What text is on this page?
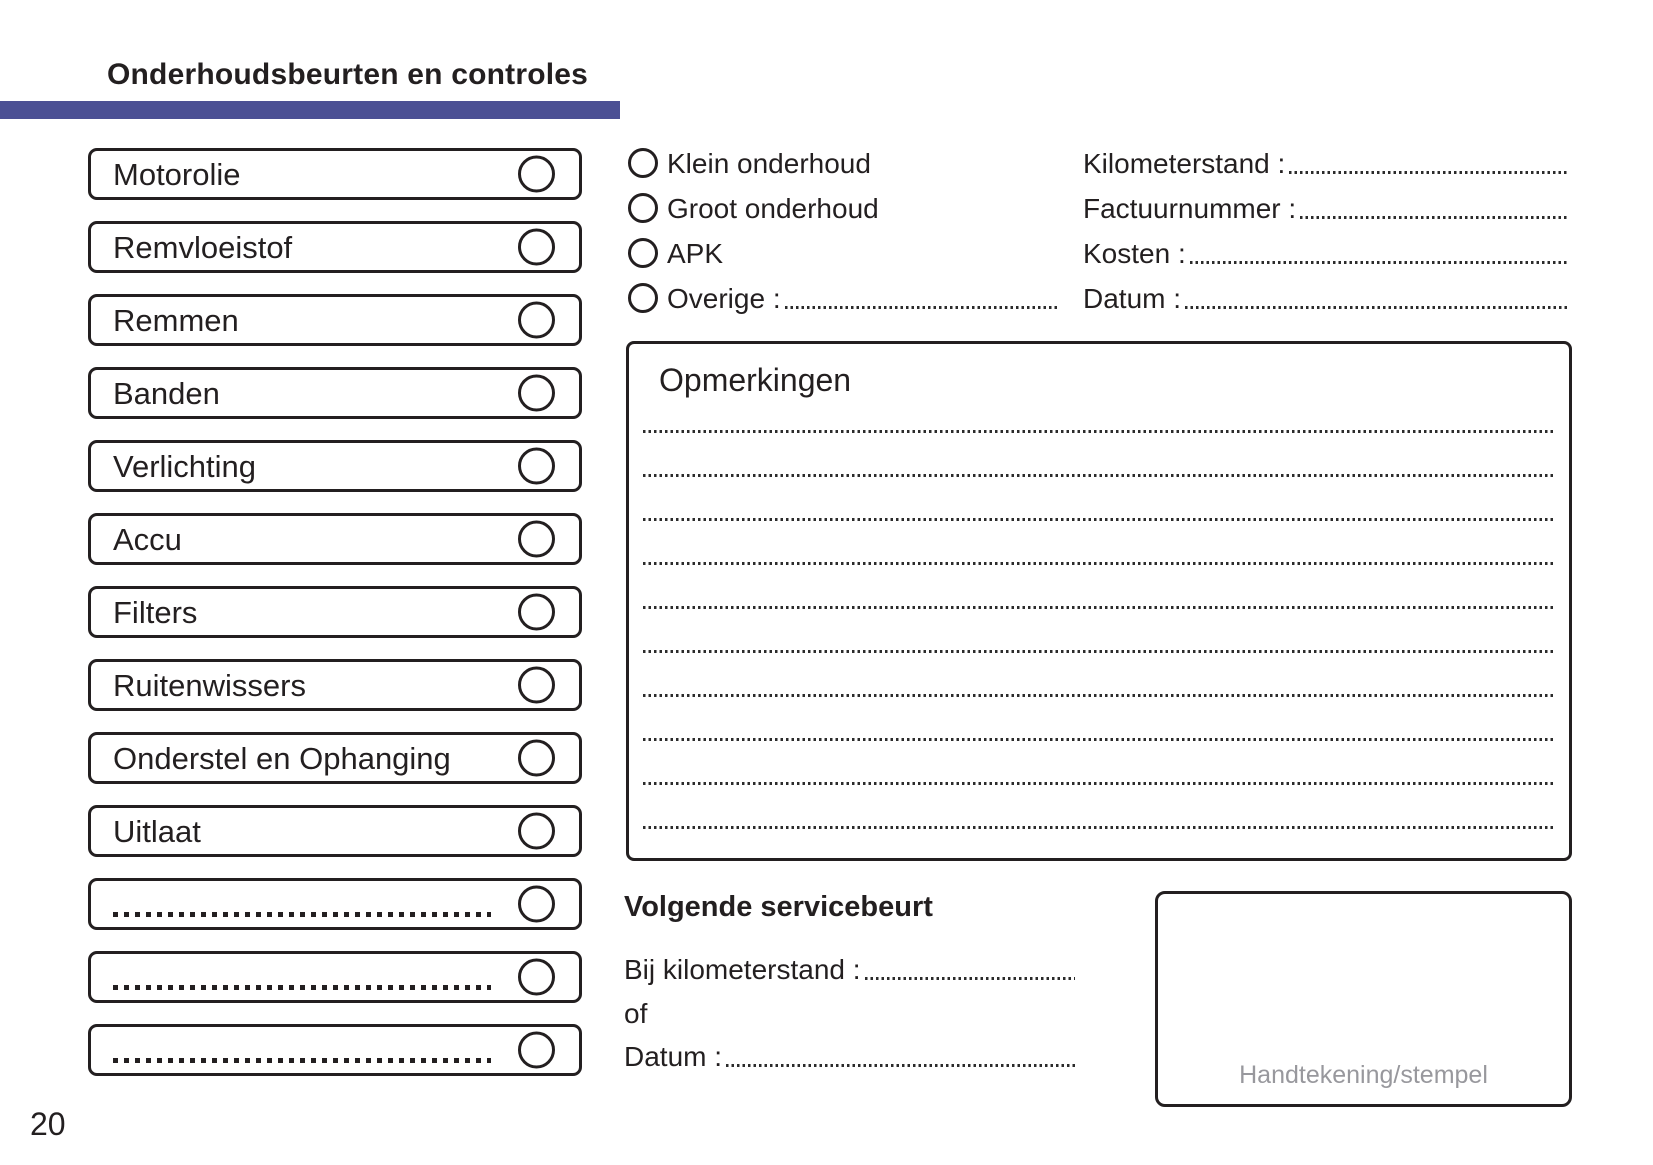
Onderhoudsbeurten en controles
Motorolie
Remvloeistof
Remmen
Banden
Verlichting
Accu
Filters
Ruitenwissers
Onderstel en Ophanging
Uitlaat
Klein onderhoud
Groot onderhoud
APK
Overige :
Kilometerstand :
Factuurnummer :
Kosten :
Datum :
Opmerkingen
Volgende servicebeurt
Bij kilometerstand :
of
Datum :
Handtekening/stempel
20
